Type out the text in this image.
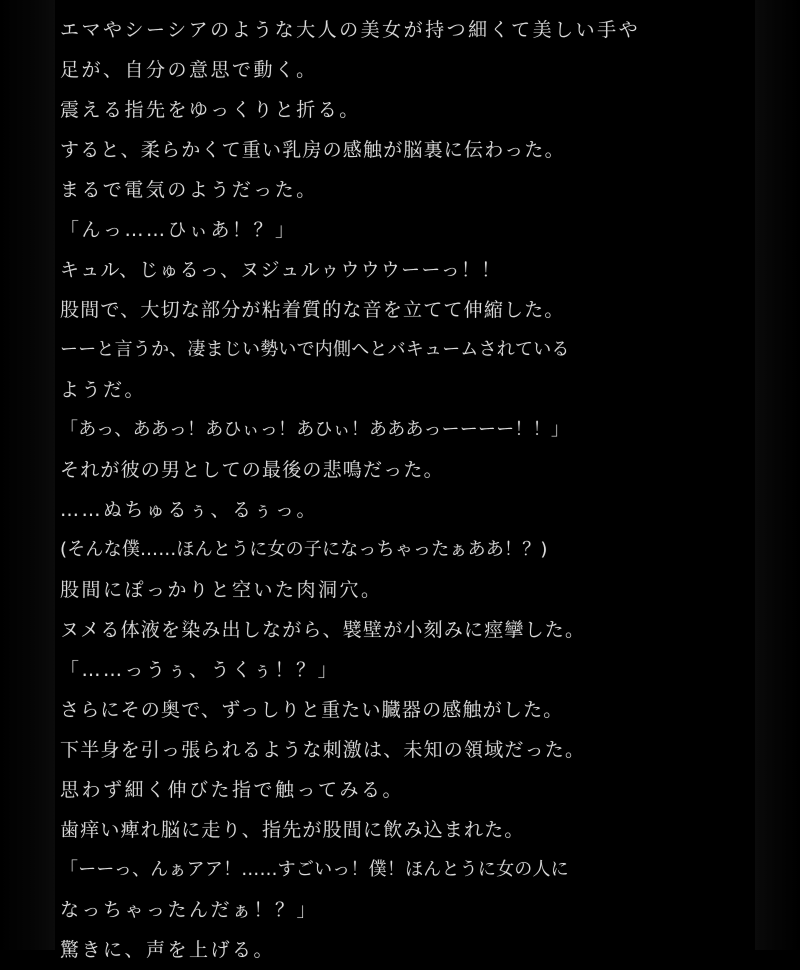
エマやシーシアのような大人の美女が持つ細くて美しい手や
足が、自分の意思で動く。
震える指先をゆっくりと折る。
すると、柔らかくて重い乳房の感触が脳裏に伝わった。
まるで電気のようだった。
「んっ……ひぃあ！？」
キュル、じゅるっ、ヌジュルゥウウウーーっ！！
股間で、大切な部分が粘着質的な音を立てて伸縮した。
ーーと言うか、凄まじい勢いで内側へとバキュームされている
ようだ。
「あっ、ああっ！あひぃっ！あひぃ！あああっーーーー！！」
それが彼の男としての最後の悲鳴だった。
……ぬちゅるぅ、るぅっ。
(そんな僕……ほんとうに女の子になっちゃったぁああ！？)
股間にぽっかりと空いた肉洞穴。
ヌメる体液を染み出しながら、襞壁が小刻みに痙攣した。
「……っうぅ、うくぅ！？」
さらにその奥で、ずっしりと重たい臓器の感触がした。
下半身を引っ張られるような刺激は、未知の領域だった。
思わず細く伸びた指で触ってみる。
歯痒い痺れ脳に走り、指先が股間に飲み込まれた。
「ーーっ、んぁアア！……すごいっ！僕！ほんとうに女の人に
なっちゃったんだぁ！？」
驚きに、声を上げる。
